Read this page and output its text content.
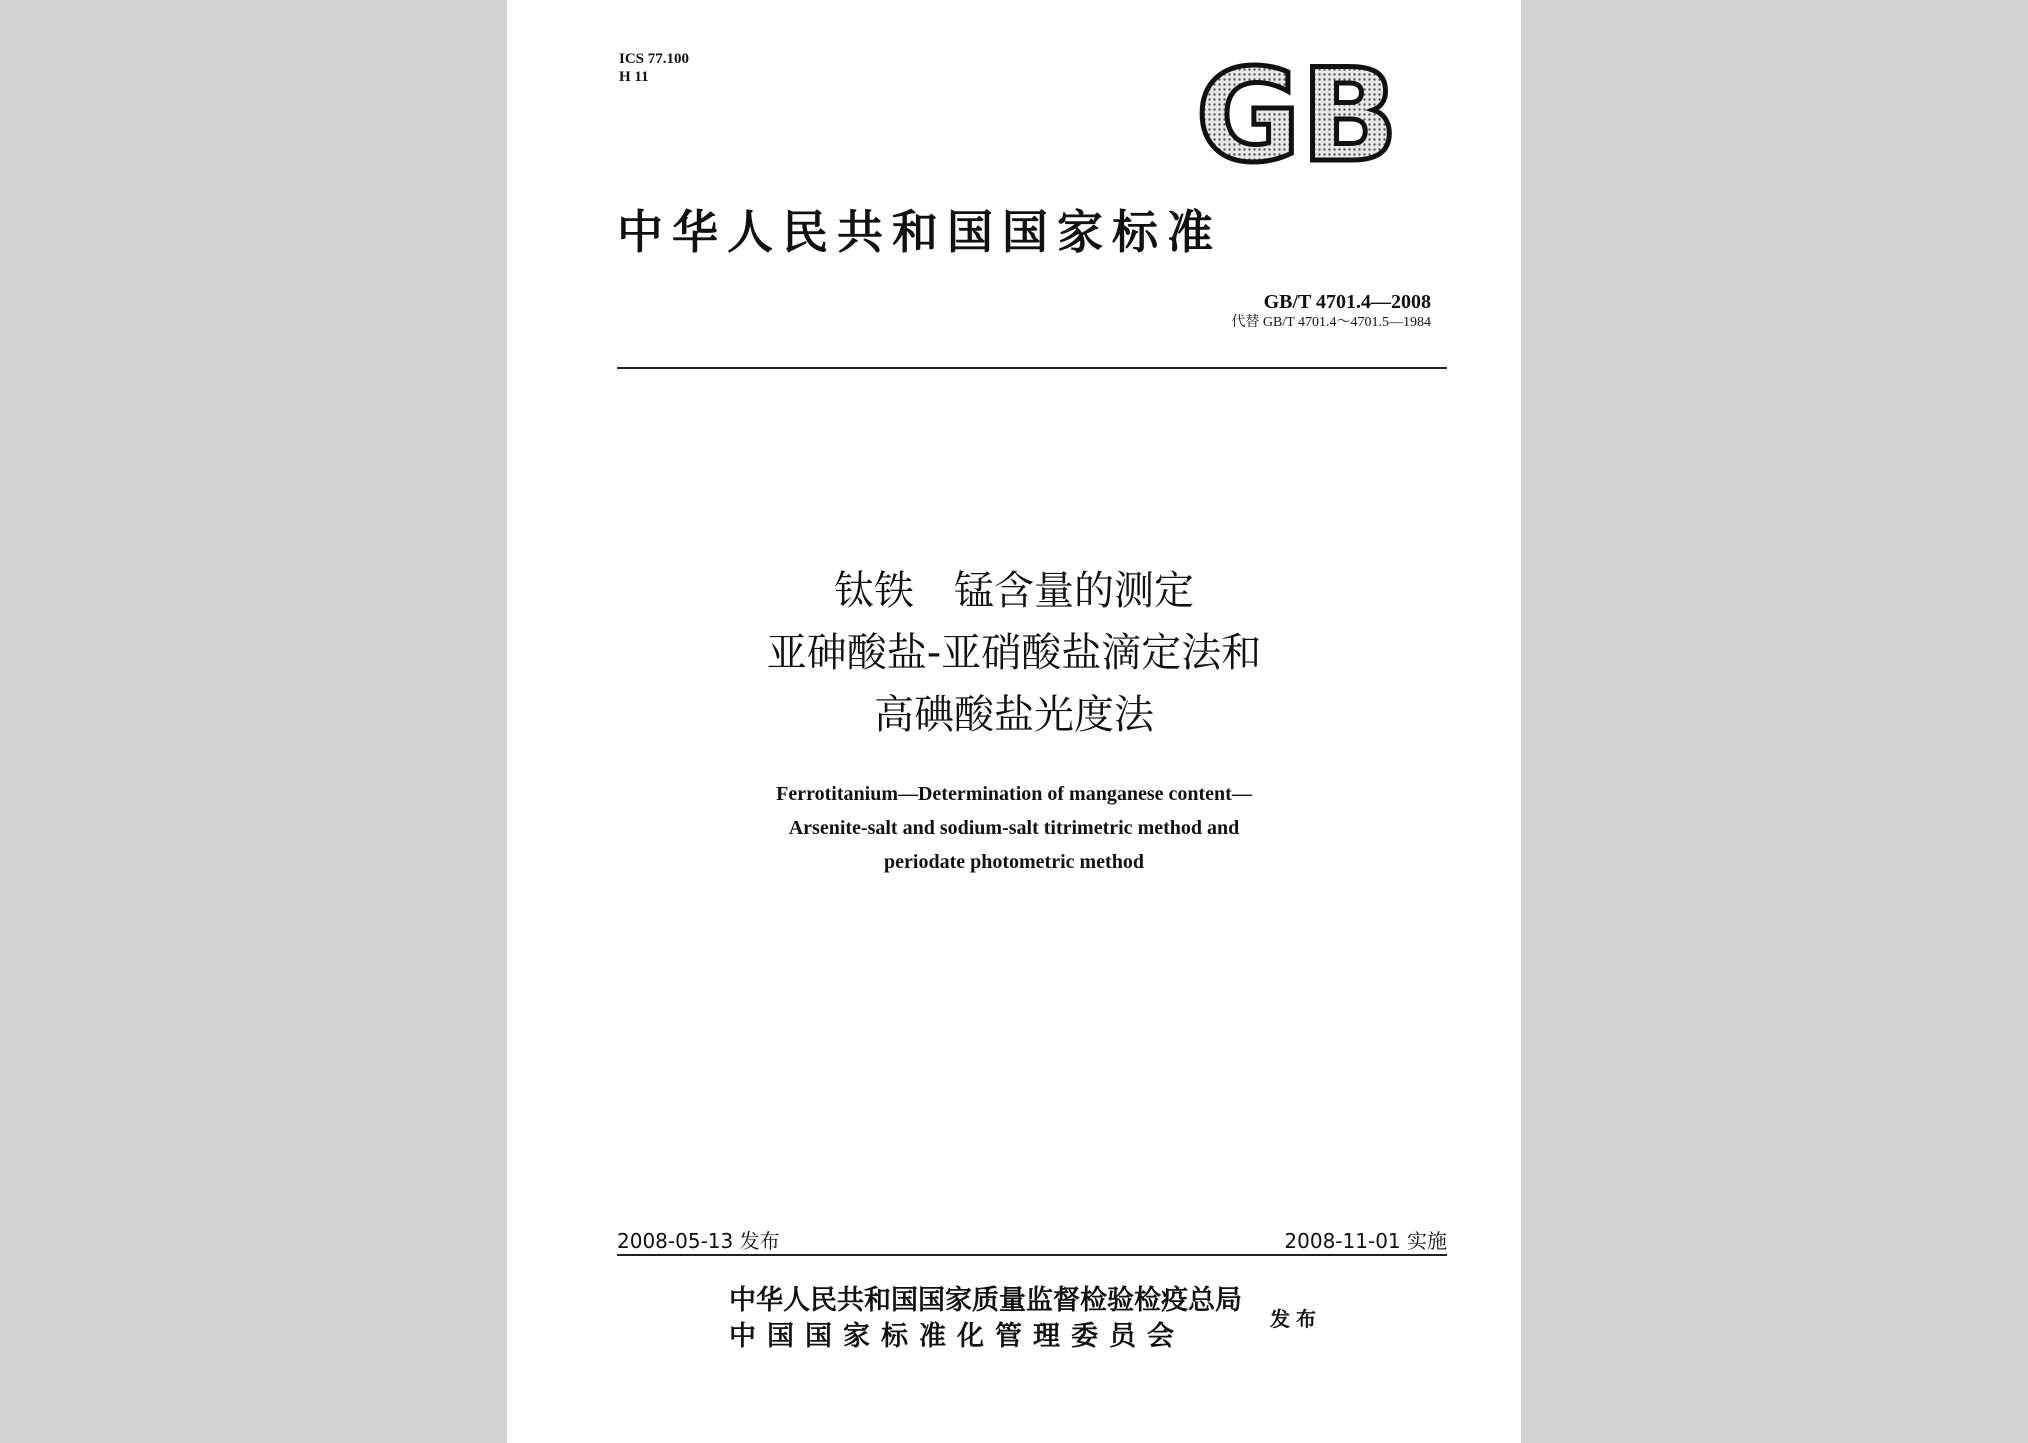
ICS 77.100
H 11	GB
中华人民共和国国家标准
GB/T 4701.4—2008
代替 GB/T 4701.4～4701.5—1984
钛铁　锰含量的测定
亚砷酸盐-亚硝酸盐滴定法和
高碘酸盐光度法
Ferrotitanium—Determination of manganese content—
Arsenite-salt and sodium-salt titrimetric method and
periodate photometric method
2008-05-13 发布	2008-11-01 实施
中华人民共和国国家质量监督检验检疫总局
中国国家标准化管理委员会
发布
